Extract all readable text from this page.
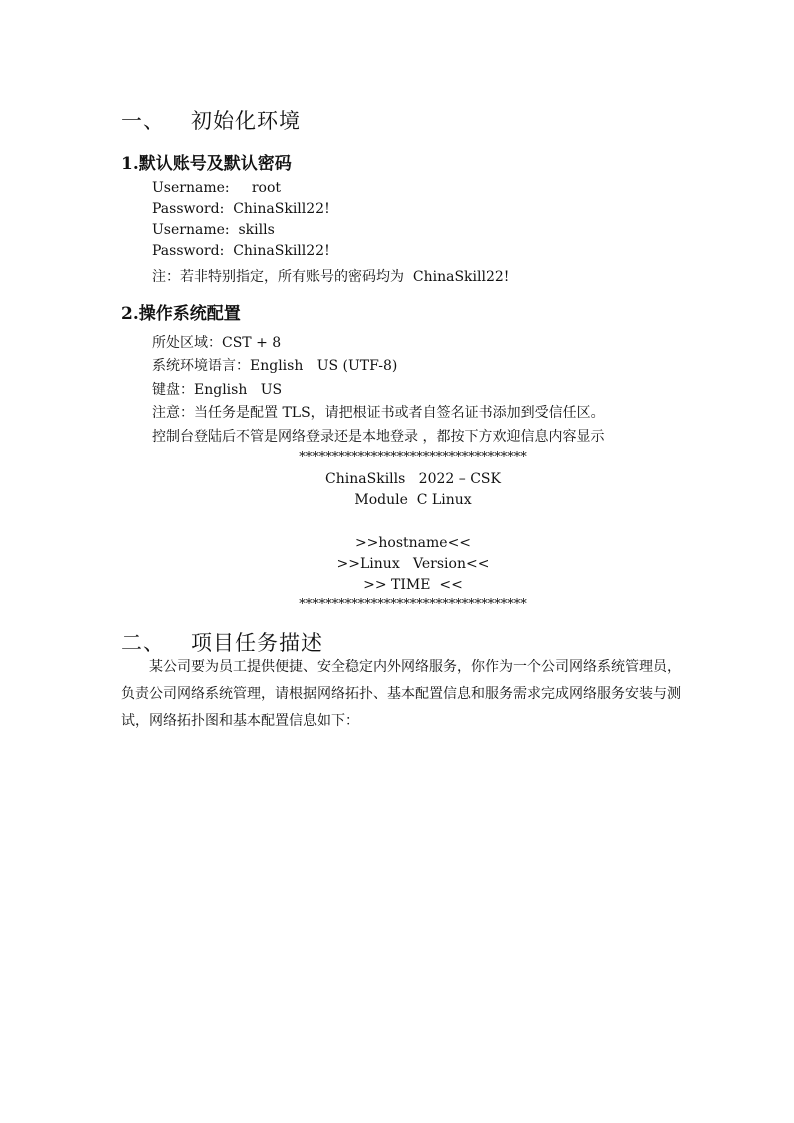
一、 初始化环境
1.默认账号及默认密码
Username:     root
Password:  ChinaSkill22!
Username:  skills
Password:  ChinaSkill22!
注：若非特别指定，所有账号的密码均为  ChinaSkill22!
2.操作系统配置
所处区域：CST + 8
系统环境语言：English   US (UTF-8)
键盘：English   US
注意：当任务是配置 TLS，请把根证书或者自签名证书添加到受信任区。
控制台登陆后不管是网络登录还是本地登录 ，都按下方欢迎信息内容显示
***********************************
ChinaSkills   2022 – CSK
Module  C Linux
>>hostname<<
>>Linux   Version<<
>> TIME  <<
***********************************
二、 项目任务描述
某公司要为员工提供便捷、安全稳定内外网络服务，你作为一个公司网络系统管理员，负责公司网络系统管理，请根据网络拓扑、基本配置信息和服务需求完成网络服务安装与测试，网络拓扑图和基本配置信息如下：
